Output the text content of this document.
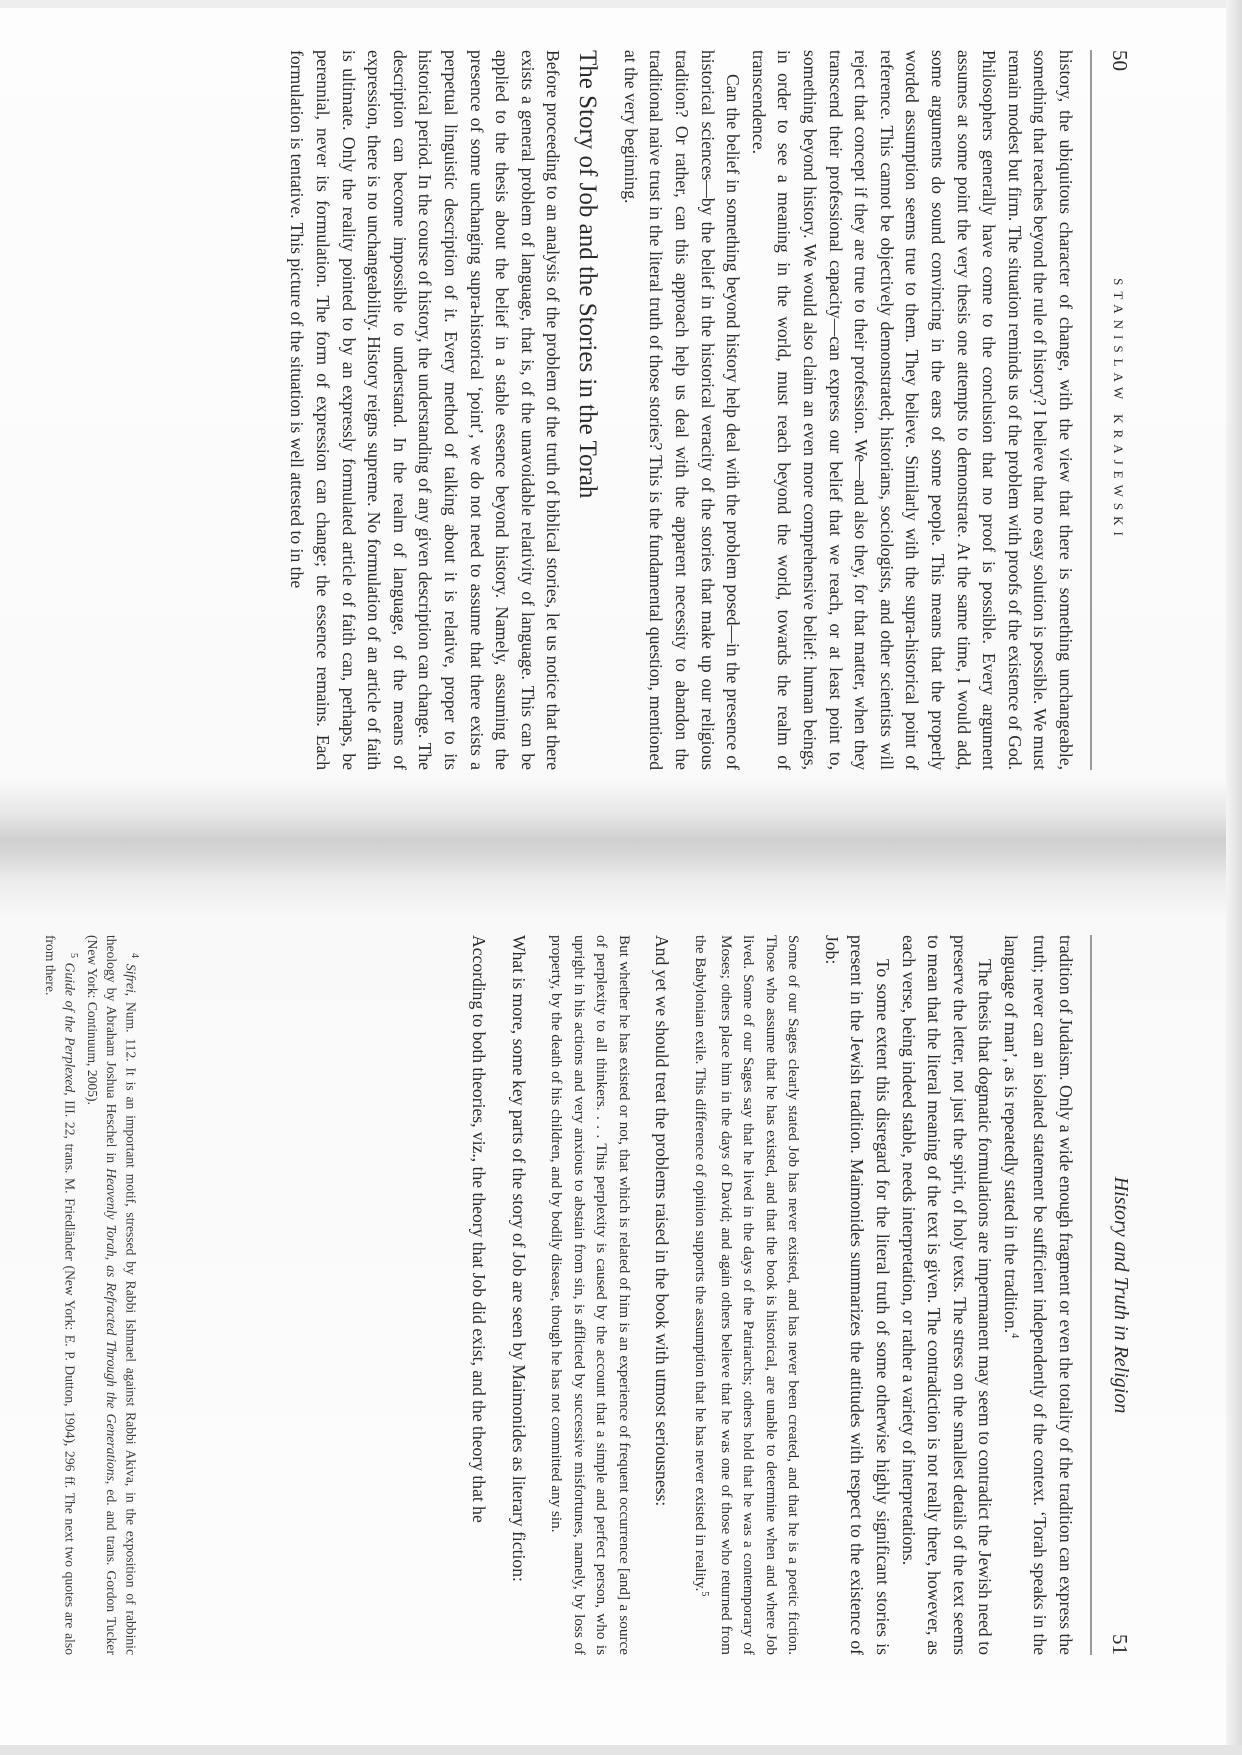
50
STANISLAW KRAJEWSKI

history, the ubiquitous character of change, with the view that there is something unchangeable, something that reaches beyond the rule of history? I believe that no easy solution is possible. We must remain modest but firm. The situation reminds us of the problem with proofs of the existence of God. Philosophers generally have come to the conclusion that no proof is possible. Every argument assumes at some point the very thesis one attempts to demonstrate. At the same time, I would add, some arguments do sound convincing in the ears of some people. This means that the properly worded assumption seems true to them. They believe. Similarly with the supra-historical point of reference. This cannot be objectively demonstrated; historians, sociologists, and other scientists will reject that concept if they are true to their profession. We—and also they, for that matter, when they transcend their professional capacity—can express our belief that we reach, or at least point to, something beyond history. We would also claim an even more comprehensive belief: human beings, in order to see a meaning in the world, must reach beyond the world, towards the realm of transcendence.

Can the belief in something beyond history help deal with the problem posed—in the presence of historical sciences—by the belief in the historical veracity of the stories that make up our religious tradition? Or rather, can this approach help us deal with the apparent necessity to abandon the traditional naive trust in the literal truth of those stories? This is the fundamental question, mentioned at the very beginning.

The Story of Job and the Stories in the Torah

Before proceeding to an analysis of the problem of the truth of biblical stories, let us notice that there exists a general problem of language, that is, of the unavoidable relativity of language. This can be applied to the thesis about the belief in a stable essence beyond history. Namely, assuming the presence of some unchanging supra-historical ‘point’, we do not need to assume that there exists a perpetual linguistic description of it. Every method of talking about it is relative, proper to its historical period. In the course of history, the understanding of any given description can change. The description can become impossible to understand. In the realm of language, of the means of expression, there is no unchangeability. History reigns supreme. No formulation of an article of faith is ultimate. Only the reality pointed to by an expressly formulated article of faith can, perhaps, be perennial, never its formulation. The form of expression can change; the essence remains. Each formulation is tentative. This picture of the situation is well attested to in the

History and Truth in Religion
51

tradition of Judaism. Only a wide enough fragment or even the totality of the tradition can express the truth; never can an isolated statement be sufficient independently of the context. ‘Torah speaks in the language of man’, as is repeatedly stated in the tradition.$^4$

The thesis that dogmatic formulations are impermanent may seem to contradict the Jewish need to preserve the letter, not just the spirit, of holy texts. The stress on the smallest details of the text seems to mean that the literal meaning of the text is given. The contradiction is not really there, however, as each verse, being indeed stable, needs interpretation, or rather a variety of interpretations.

To some extent this disregard for the literal truth of some otherwise highly significant stories is present in the Jewish tradition. Maimonides summarizes the attitudes with respect to the existence of Job:

Some of our Sages clearly stated Job has never existed, and has never been created, and that he is a poetic fiction. Those who assume that he has existed, and that the book is historical, are unable to determine when and where Job lived. Some of our Sages say that he lived in the days of the Patriarchs; others hold that he was a contemporary of Moses; others place him in the days of David; and again others believe that he was one of those who returned from the Babylonian exile. This difference of opinion supports the assumption that he has never existed in reality.$^5$

And yet we should treat the problems raised in the book with utmost seriousness:

But whether he has existed or not, that which is related of him is an experience of frequent occurrence [and] a source of perplexity to all thinkers. . . . This perplexity is caused by the account that a simple and perfect person, who is upright in his actions and very anxious to abstain from sin, is afflicted by successive misfortunes, namely, by loss of property, by the death of his children, and by bodily disease, though he has not committed any sin.

What is more, some key parts of the story of Job are seen by Maimonides as literary fiction:

According to both theories, viz., the theory that Job did exist, and the theory that he

$^4$ Sifrei, Num. 112. It is an important motif, stressed by Rabbi Ishmael against Rabbi Akiva, in the exposition of rabbinic theology by Abraham Joshua Heschel in Heavenly Torah, as Refracted Through the Generations, ed. and trans. Gordon Tucker (New York: Continuum, 2005).

$^5$ Guide of the Perplexed, III. 22, trans. M. Friedländer (New York: E. P. Dutton, 1904), 296 ff. The next two quotes are also from there.
